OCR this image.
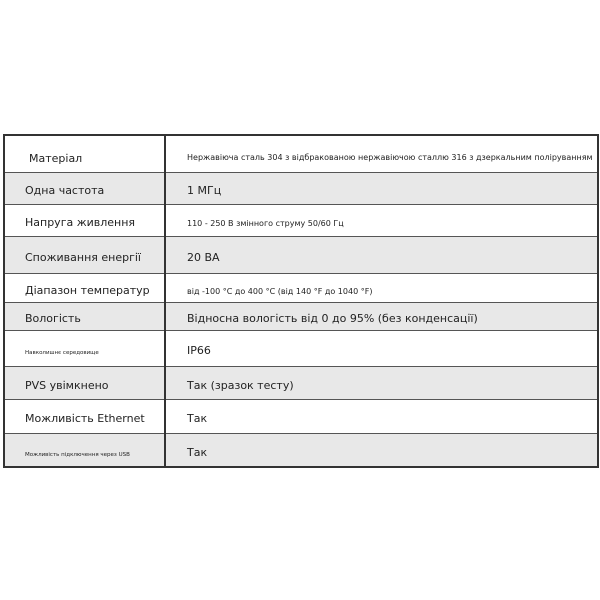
Матеріал	Нержавіюча сталь 304 з відбракованою нержавіючою сталлю 316 з дзеркальним поліруванням
Одна частота	1 МГц
Напруга живлення	110 - 250 В змінного струму 50/60 Гц
Споживання енергії	20 ВА
Діапазон температур	від -100 °C до 400 °C (від 140 °F до 1040 °F)
Вологість	Відносна вологість від 0 до 95% (без конденсації)
Навколишнє середовище	IP66
PVS увімкнено	Так (зразок тесту)
Можливість Ethernet	Так
Можливість підключення через USB	Так
